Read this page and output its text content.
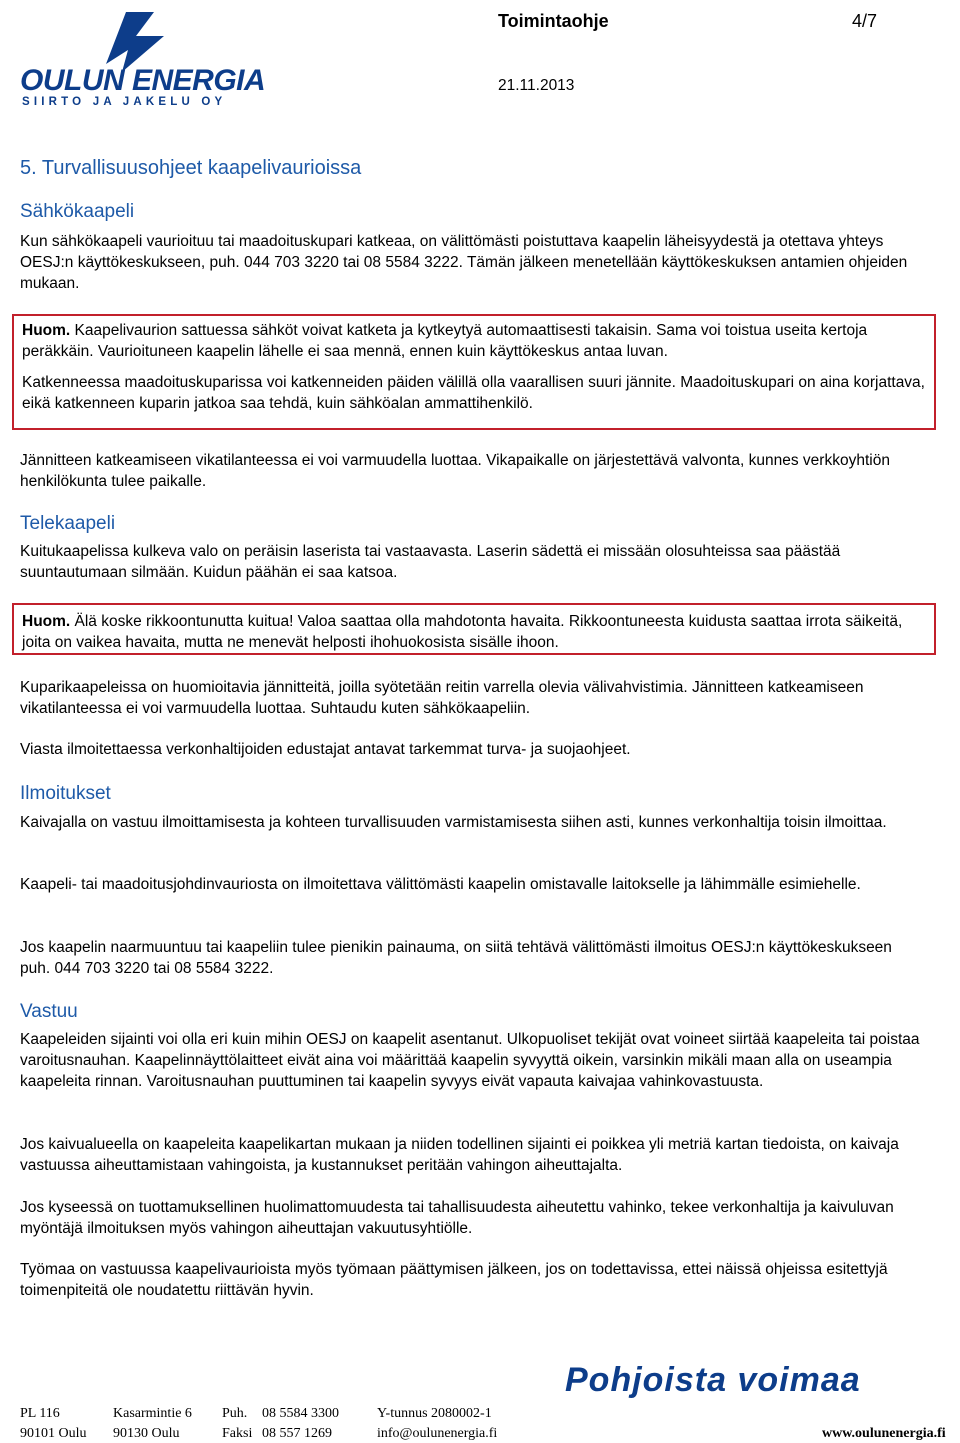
OULUN ENERGIA
SIIRTO JA JAKELU OY
Toimintaohje	4/7
21.11.2013
5. Turvallisuusohjeet kaapelivaurioissa
Sähkökaapeli

Kun sähkökaapeli vaurioituu tai maadoituskupari katkeaa, on välittömästi poistuttava kaapelin läheisyydestä ja otettava yhteys OESJ:n käyttökeskukseen, puh. 044 703 3220 tai 08 5584 3222. Tämän jälkeen menetellään käyttökeskuksen antamien ohjeiden mukaan.

Huom. Kaapelivaurion sattuessa sähköt voivat katketa ja kytkeytyä automaattisesti takaisin. Sama voi toistua useita kertoja peräkkäin. Vaurioituneen kaapelin lähelle ei saa mennä, ennen kuin käyttökeskus antaa luvan.

Katkenneessa maadoituskuparissa voi katkenneiden päiden välillä olla vaarallisen suuri jännite. Maadoituskupari on aina korjattava, eikä katkenneen kuparin jatkoa saa tehdä, kuin sähköalan ammattihenkilö.

Jännitteen katkeamiseen vikatilanteessa ei voi varmuudella luottaa. Vikapaikalle on järjestettävä valvonta, kunnes verkkoyhtiön henkilökunta tulee paikalle.

Telekaapeli

Kuitukaapelissa kulkeva valo on peräisin laserista tai vastaavasta. Laserin sädettä ei missään olosuhteissa saa päästää suuntautumaan silmään. Kuidun päähän ei saa katsoa.

Huom. Älä koske rikkoontunutta kuitua! Valoa saattaa olla mahdotonta havaita. Rikkoontuneesta kuidusta saattaa irrota säikeitä, joita on vaikea havaita, mutta ne menevät helposti ihohuokosista sisälle ihoon.

Kuparikaapeleissa on huomioitavia jännitteitä, joilla syötetään reitin varrella olevia välivahvistimia. Jännitteen katkeamiseen vikatilanteessa ei voi varmuudella luottaa. Suhtaudu kuten sähkökaapeliin.

Viasta ilmoitettaessa verkonhaltijoiden edustajat antavat tarkemmat turva- ja suojaohjeet.

Ilmoitukset

Kaivajalla on vastuu ilmoittamisesta ja kohteen turvallisuuden varmistamisesta siihen asti, kunnes verkonhaltija toisin ilmoittaa.

Kaapeli- tai maadoitusjohdinvauriosta on ilmoitettava välittömästi kaapelin omistavalle laitokselle ja lähimmälle esimiehelle.

Jos kaapelin naarmuuntuu tai kaapeliin tulee pienikin painauma, on siitä tehtävä välittömästi ilmoitus OESJ:n käyttökeskukseen puh. 044 703 3220 tai 08 5584 3222.

Vastuu

Kaapeleiden sijainti voi olla eri kuin mihin OESJ on kaapelit asentanut. Ulkopuoliset tekijät ovat voineet siirtää kaapeleita tai poistaa varoitusnauhan. Kaapelinnäyttölaitteet eivät aina voi määrittää kaapelin syvyyttä oikein, varsinkin mikäli maan alla on useampia kaapeleita rinnan. Varoitusnauhan puuttuminen tai kaapelin syvyys eivät vapauta kaivajaa vahinkovastuusta.

Jos kaivualueella on kaapeleita kaapelikartan mukaan ja niiden todellinen sijainti ei poikkea yli metriä kartan tiedoista, on kaivaja vastuussa aiheuttamistaan vahingoista, ja kustannukset peritään vahingon aiheuttajalta.

Jos kyseessä on tuottamuksellinen huolimattomuudesta tai tahallisuudesta aiheutettu vahinko, tekee verkonhaltija ja kaivuluvan myöntäjä ilmoituksen myös vahingon aiheuttajan vakuutusyhtiölle.

Työmaa on vastuussa kaapelivaurioista myös työmaan päättymisen jälkeen, jos on todettavissa, ettei näissä ohjeissa esitettyjä toimenpiteitä ole noudatettu riittävän hyvin.

Pohjoista voimaa
PL 116
90101 Oulu
Kasarmintie 6
90130 Oulu
Puh. 08 5584 3300
Faksi 08 557 1269
Y-tunnus 2080002-1
info@oulunenergia.fi	www.oulunenergia.fi
